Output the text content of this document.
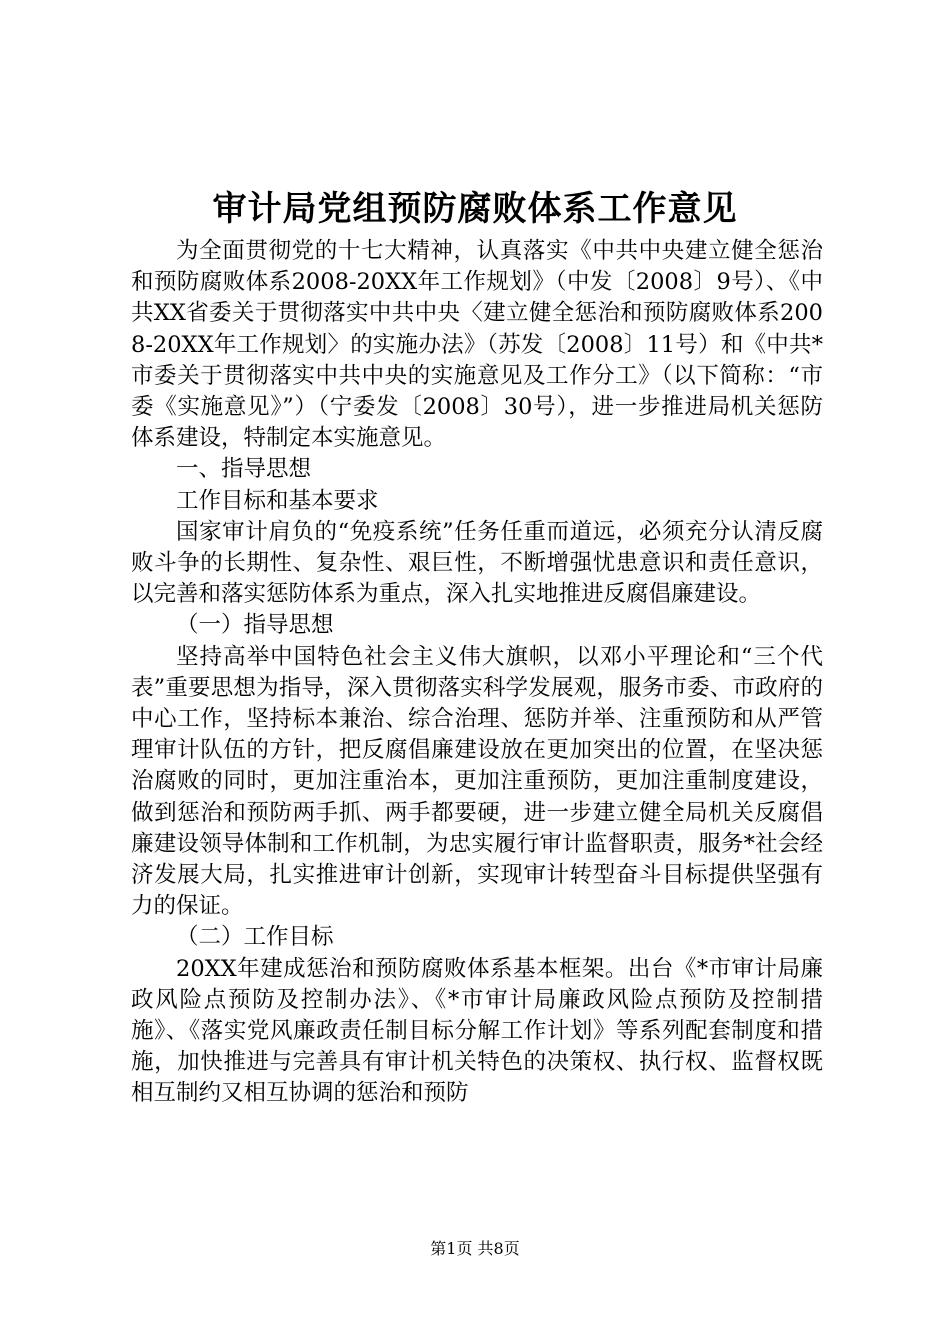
审计局党组预防腐败体系工作意见

为全面贯彻党的十七大精神，认真落实《中共中央建立健全惩治和预防腐败体系2008-20XX年工作规划》（中发〔2008〕9号）、《中共XX省委关于贯彻落实中共中央〈建立健全惩治和预防腐败体系2008-20XX年工作规划〉的实施办法》（苏发〔2008〕11号）和《中共*市委关于贯彻落实中共中央的实施意见及工作分工》（以下简称：“市委《实施意见》”）（宁委发〔2008〕30号），进一步推进局机关惩防体系建设，特制定本实施意见。

一、指导思想

工作目标和基本要求

国家审计肩负的“免疫系统”任务任重而道远，必须充分认清反腐败斗争的长期性、复杂性、艰巨性，不断增强忧患意识和责任意识，以完善和落实惩防体系为重点，深入扎实地推进反腐倡廉建设。

（一）指导思想

坚持高举中国特色社会主义伟大旗帜，以邓小平理论和“三个代表”重要思想为指导，深入贯彻落实科学发展观，服务市委、市政府的中心工作，坚持标本兼治、综合治理、惩防并举、注重预防和从严管理审计队伍的方针，把反腐倡廉建设放在更加突出的位置，在坚决惩治腐败的同时，更加注重治本，更加注重预防，更加注重制度建设，做到惩治和预防两手抓、两手都要硬，进一步建立健全局机关反腐倡廉建设领导体制和工作机制，为忠实履行审计监督职责，服务*社会经济发展大局，扎实推进审计创新，实现审计转型奋斗目标提供坚强有力的保证。

（二）工作目标

20XX年建成惩治和预防腐败体系基本框架。出台《*市审计局廉政风险点预防及控制办法》、《*市审计局廉政风险点预防及控制措施》、《落实党风廉政责任制目标分解工作计划》等系列配套制度和措施，加快推进与完善具有审计机关特色的决策权、执行权、监督权既相互制约又相互协调的惩治和预防

第1页 共8页
